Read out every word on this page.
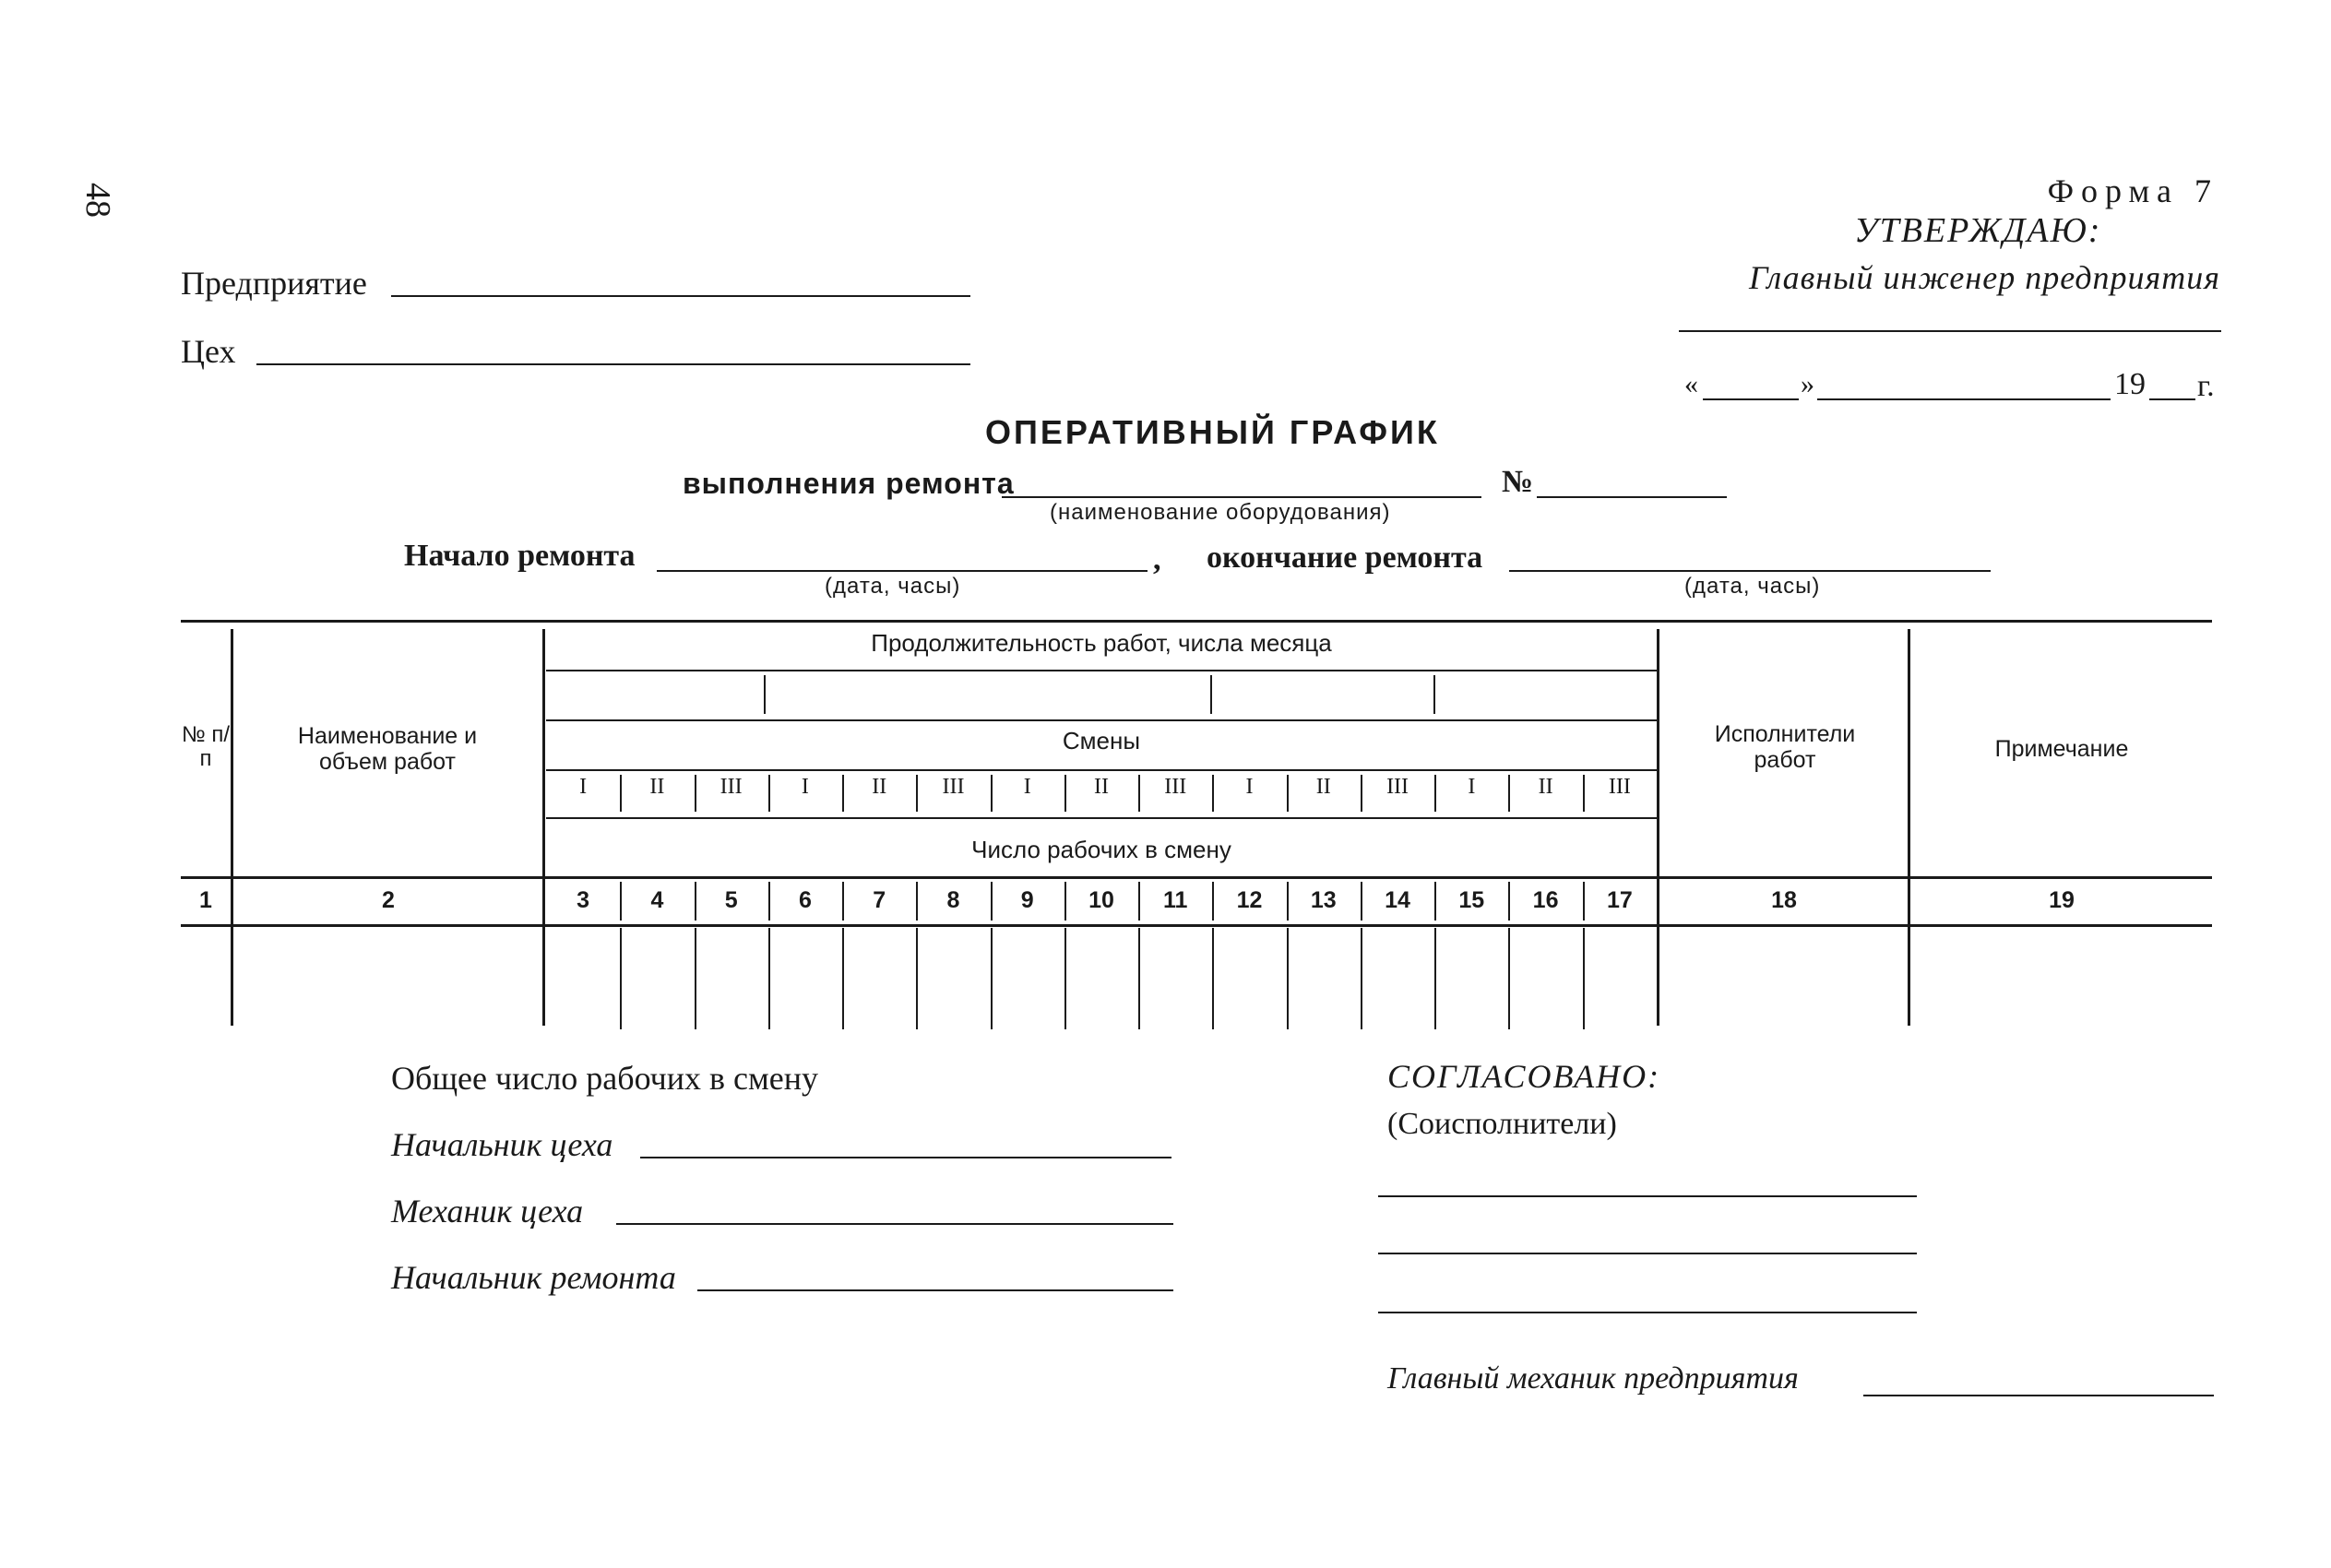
48	Форма 7
УТВЕРЖДАЮ:
Главный инженер предприятия
«	»	19 г.
Предприятие
Цех
ОПЕРАТИВНЫЙ ГРАФИК
выполнения ремонта	№
(наименование оборудования)
Начало ремонта	, окончание ремонта
(дата, часы)	(дата, часы)
№ п/п
Наименование и объем работ
Продолжительность работ, числа месяца
Смены
Число рабочих в смену
Исполнители работ	Примечание
I	II	III	I	II	III	I	II	III	I	II	III	I	II	III
1	2	3	4	5	6	7	8	9	10	11	12	13	14	15	16	17	18	19
Общее число рабочих в смену
Начальник цеха
Механик цеха
Начальник ремонта
СОГЛАСОВАНО:
(Соисполнители)
Главный механик предприятия
